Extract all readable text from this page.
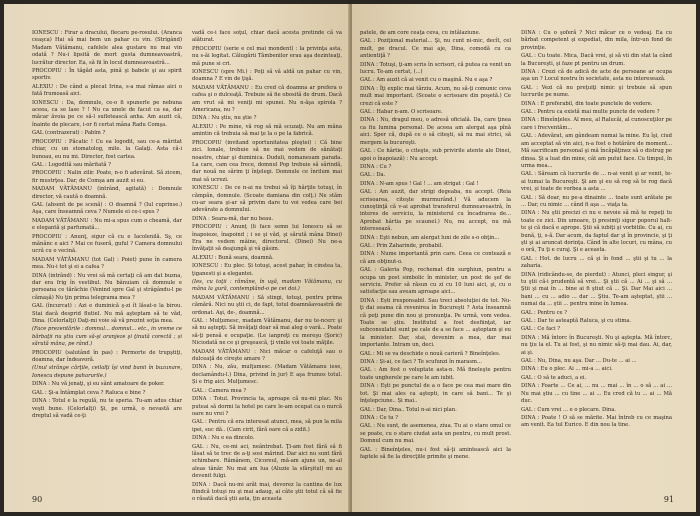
IONESCU : Firar a dracului, flecaru pe-rosului. (Aranca ceaşca) Hai să mai bem un pahar cu vin. (Strigând) Madam Vătămanu, cafelele alea gustare nu mai vin odată ? Nu-i lipsită de mort gusta dumneavoastră, lucrătur director. Ea, să fii în locul dumneavoastră...

PROCOPIU : În tăgăd asta, pină şi babele şi au spirit sportiv.

ALEXIU : De când a plecat Irina, s-a mai rămas aici o fată frumoasă aici.

IONESCU : Da, domnule, ce-o fi spunerle pe nebuna aceea, ca se lase ? ! Nu ca unele de facut ca ea, dar măcar ăvoia pe ce să-l sufletească anha. Am auzit că, înainte de plecare, i-or fi certat mâna Radu Comşa.

GAL (contrazerat) : Pablm ?

PROCOPIU : Păcatic ! Cu ea logodit, sau ce-a măritat chiar, cu un stomatolog, mile. la Galaţi. Asta că-i bunoau, eu nu mi. Directer, fost cartea.

GAL : Logodită sau măritată ?

PROCOPIU : Nalin zilir. Poate, n-o fi adevărat. Să zicem, fir mustrţea. Dar, de Comşa am auzit si eu.

MADAM VĂTĂMANU (intrând, agitată) : Domnule director, vă caută o doamnă.

GAL (absent de pe scenă) : O doamnă ? (Iul cuprinse.) Aşa, care înseamnă ceva ? Numele ei ce-i spus ?

MADAM VĂTĂMANU : Nu mi-a spus cum o cheamă, dar e elegantă şi parfumată...

PROCOPIU : Anunţ, sigur că cu e Iacolenilă. Sş, ce mănânc e aici ? Mai ce fuseră, guful ? Camera domnului ucră cu o vecină.

MADAM VĂTĂMANU (tot Gal) : Poiet) pune în camera mea. Nu-i tot şi ei a cafea ?

DINA (intrând) : Nu vrei să mă certaţi că am dat buzna, dar era frig în vestibul. Nu bănuiam că domnule e persoana ce tărăchie (Venind spre Gal şi strâgându-l pe cămaşă) Nu ţin prima telegrama mea ?

GAL (încurcat) : Azi e duminică ş-zi ît lăsat-o la birou. Stai dacă desprid flutiel. Nu mă aşteptam să te văd, Dina. (Celorlalţi) Daţi-mi voie să vă prezint soţia mea.

(Face prezentările : domnul... domnul... etc., in vreme ce bărbaţii nu ştiu cum să-şi aranjeze şi ţinută corectă ; și sărută mâna, pe rând.)

PROCOPIU (salutând în pas) : Permorte de trupştiţi, doamna, dar îndeavoră.

(Unul strânge cărţile, ceilalţi îşi vind banii în buzunare, Ionescu depune paharurile.)

DINA : Nu vă jenaţi, şi eu sânt amatoare de poker.

GAL : Şi-a întâmplat ceva ? Raluca e bine ?

DINA : Totul e la regulă, nu te speria. Tu-am adus chiar veşti bune. (Celorlalţi) Şi, pe urmă, o nevastă are dreptul să vadă ce-ţi

vadă ce-i face soţul, chiar dacă acesta pretinde că va alăturat.

PROCOPIU (serie e cel mai mondent) : la privinţa asta, nu s-ăi legitat. Câlugării Tâmbenilor erau aşa dezinteaţi, mă pune si cri.

IONESCU (spre Mi.) : Poţi să vă aldă un pahar cu vin, doamna ? E vin de ţişă.

MADAM VĂTĂMANU : Eu cred că doamna ar prefera o cafea şi o dulceaţă. Trebuie să fie obosită de drum. Dacă am vrut să mi veniţi mi spunei. Nu n-ăşa spirola ? Americana, nu ?

DINA : Nu ştiu, nu ştie ?

ALEXIU : Pe mine, vă rog să mă scuzaţi. Nu am mâna amintin că trebuia să mai ţe la o pe la fabrică.

PROCOPIU (invitand oportunitatea ploştei) : Că bine zici. Ionale, trebuie să ne mai vedem de sănătaţi noastre, chiar şi duminica. Duduli, nomanesam parada. La care, cam cea frece, domnul Pop trebuie să sărindă, dar nouă ne sărim ţi înţelegi. Domnule ce înrilum mai mai să ucrezi.

IONESCU : De ce n-ai nu trebui să îţi hărţile totuşi, în cămpăn, domnule. (Scoate damiana din colţ.) Ne stăm cu-ar seara şi-ar să privim dare tu voi vedea care bei adevărate a domnului.

DINA : Seara-mă, dar nu beau.

PROCOPIU : Anunţ (li face semn lui Ionescu să se înapoieze, înapoind ; i se şi văd, şi sărută mâna Dinei) Era ne vedem mâine, directorul. (Dinei) Nu ne-a învăţaţii să deajungă şi vă găsim.

ALEXIU : Bună seara, doamnă.

IONESCU : Eu plec. Și totuşi, acest pahar, în cinstea ta, ţiganesti şi a elegantei.

(Ies, cu toţii : rămâne, în uşă, madam Vătămanu, cu mâna la gură, contemplând-o pe cei doi.)

MADAM VĂTĂMANU : Să stingi, totuşi, pentru prima cămără. Nici nu ştii ci, de fapt, totul doamnăavoastră de ordonat. Aşi, de-, doamnă...

GAL : Mulţumesc, madam Vătămanu, dar nu te-ncerc şi să nu aştepţi. Să invăţaţi doar să mai aleg o vară... Poate să-ţi pensă e ocupaţie. (Le ianpreţi cu mereşu (Şoric) Niciodată ne ce şi greşească, ţi vinile voi toate măţile.

MADAM VĂTĂMANU : Nici măcar o cafeluţă sau o dulceaţă de cireşte amare ?

DINA : Nu, zău, mulţumesc. (Madam Vătămanu iese, declamându-l.) Dina, privind în jur) E aşa frumos totul. Și e frig aici. Mulţumesc.

GAL : Camera mea ?

DINA : Totul. Provincia ta, aproape că nu-mi plac. Nu puteai să dormi la hotel pe care le-am ocupat ca o nurcă oare nu vrei ?

GAL : Pentru că era interesat atunci, mea, să pun la mila ipei, suc dă.. (Cam cirit, fără oare că a zidit.)

DINA : Nu e ea dincolo.

GAL : Nu, ce-mi aci, neântrebat. Ţi-am fost fără să fi lăsat să te trec de a-ţi sosi mărind. Dar aici nu sunt fără schimbare. Rămânem, Cicoreul, mă-am ajuns un, ne-al aleas tânăr. Nu mai am lua (Aluzie la sfârşitul) mi au devenit fulgi.

DINA : Dacă nu-mi arăt mai, devorez la cantina de lux fiindcă totuşi nu şi mai adaug, ai câte ştii totul că să fie o răsată dacă ştii asta, ţin aceasta

90

patele, de am core ceaţa ceva, cu intâlaziune.

GAL : Poziţional material... Şi, nu cunt ni-mic, decît, cel mult, pe dracul. Ce mai aje, Dina, comodă cu ca antientiţă ?

DINA : Totuşi, ţi-am scris în scrisori, că putea ca venit un lucru. Te-am certat, (...)

GAL : Am auzit că ai venit cu o maşină. Nu e aşa ?

DINA : Îţi explic mai târziu. Acum, nu să-ţi comunic ceva mult mai important. (Scoate o scrisoare din poşetă.) Ce crezi că este ?

GAL : Habar n-am. O scrisoare.

DINA : Nu, dragul meu, o adresă oficială. Da, care ţinea ca fiu lumina personal. De aceea am alergat aşa pînă aici. Sper că, după ce o să citeşti, să nu mai strici, să mergem la bucureşti.

GAL : Ce hârtie, o citeşte, sub privirile atente ale Dinei, apoi o înapoiază) : Nu accept.

DINA : Cu ?

GAL : Da.

DINA : N-am spus ! Gal ! ... am strigat : Gal !

GAL : Am auzit, dar strigi degeaba, nu accept. (Reia scrisoarea, citeşte murmurând.) Vă aducem la cunoştinţă că v-ai aprobat transferul dumneavoastră, în interes de serviciu, la ministerul cu încadrarea de... Aprobat hârtia pe scaunel.) Nu, nu accept, nu mă interesează.

DINA : Eşti nebun, am alergat luni de zile s-o obţin...

GAL : Prin Zaharinde, probabil.

DINA : Nume importantă prin care. Ceea ce contează e că am obţinut-o.

GAL : Galeria Pop, rechemat din surghiun, pentru a ocupa un post simbolic în minister, un post de şef de serviciu. Prefer să răsun cu zi cu 10 luni aici, şi, cu o satisfacţie sau aveam aproape aici...

DINA : Ești iresponsabil. Sau treci absoluţiei de tot. Nu-ţi dai seama că revenirea în Bucureşti ? Asta înseamnă că poţi pune din nou şi pronunţia. Pe urmă, vom vedea. Toate se ştiu. Institutul a fost desfiinţat, iar subconsulatul sunt pe cale de a se face ... aşteptam şi eu la minister. Dar, stai, devenim a mea, dar mai importante. Intram un, deci.

GAL : Mi se va deschide o nouă carieră ? Bineînţeles.

DINA : Și-ai, ce faci ? Te scufunzi în marasm...

GAL : Am fost o voluptate asta-n. Mă fineleşte pentru toate ungherele pe care le am iubit.

DINA : Eşti pe punctul de a o face pe cea mai mare din tot. Şi mai ales ca aştepti, in care să bani... Te şi înţelepciune.. Și mai..

GAL : Dar, Dina.. Totul n-ai nici plan.

DINA : Ce tu ?

GAL : Nu sunt, de asemenea, ziua. Tu ai o stare omul ce se poate, cu o stare ciudat asta un pentru, cu mult prost. Domnul cum nu mai.

GAL : Bineînţeles, nu-i fost să-ţi amintească aici la faptele să fie la direcţiile primite şi mene.

DINA : Cu o şoferă ? Nici măcar ce o vedeaj. Ea cu bărbat competent şi expediat, din mila, într-un fond de provinţie.

GAL : Cu toate. Mica, Dacă vrei, şi să vii din stat la când la Bucureşti, şi faze pt pentru un drum.

DINA : Crezi că de adică de acte de persoane ar ocupa aşa un ? Locul nostru în societate, asta nu interesează.

GAL : Vezi că nu preţuiţi nimic şi trebuie să spun lucrurile pe nume.

DINA : E preferabil, din toate punctele de vedere.

GAL : Pentru ca există mai multe puncte de vedere ?

DINA : Bineînţeles. Al meu, al Ralucăi, al cunoscuţilor pe care i frecventăm...

GAL : Adevărat, am gândeam numai la mine. Eu îşi, ciud am acceptat să vin aici, n-a fost o hotărâre de moment... Mă sacrificam personal şi mă încăpăţinez să o distrug pe dinsa. Şi a luat din mine, cât am putut face. Cu timpul, în urma mea...

GAL : Săream că lucrurile de ... n-ai venit şi ar venit, te-ai tumai la Bucureşti. Şi am şi eu să rog să te rog dacă vrei, şi toate de vorbea a asta ...

GAL : Să doar, nu pe-a dinainte ... toate sunt arătate pe ... Dar, cu nimic ... când fi aşa ... viaţa ta.

DINA : Nu ştii precizi ci nu e nevoie să mă te repeţi tu toate ce zici. Din umoare, ţi presimţi sigur poporul halt-te şi că dacă e aprope. Ştii să iubiţi şi vorbitile. Cu ai, cu bună, ţi, s-ă. Dar acum, da faptul dar şi în provincie, şi ţi şti şi ai aruncat dorinţa. Când în alte locuri, cu mâna, cu o oră, Tu ţi e curaj. Şi e aceasta.

GAL : Hot. de lucru ... că şi în fond ... ştii şi tu ... la zaharia.

DINA (ridicându-se, de pierdut) : Atunci, pleci singur, şi tu ştii că-i prudentă să vrei... Şi ştii că ... Ai ... şi să ... Ştii şi mai în ... bine ai fi ştiut că ... Şi. Dar Mai aici ... bani ... cu ... adio ... dar ... Ştiu. Te-am aşteptat, ştii ... numai da ... ştii ... pentru mine în lumea.

GAL : Pentru ce ?

GAL : Dar te asteaptă Raluca, şi cu stima.

GAL : Ce faci ?

DINA : Mă întorc în Bucureşti. Nu şi aştepta. Mă întorc, nu ţiu la el. Tu ai fost, şi nu nimic să-ţi mai dau. Ai, dar, ai şi.

GAL : Nu, Dina, nu aşa. Dar ... Du-te ... ai ...

DINA : Eu o plec. Ai ... mi-a ... aici.

GAL : O să te aduci, a ei.

DINA : Foarte ... Ce ai, ... nu ... mai ... în ... o să ... ai ... Nu mai ştiu ... cu tine ... ai ... Eu cred că tu ... ai ... Mă duc.

GAL : Cum vrei ... e o plecare. Dina.

DINA : Poate ! O să se mărite. Mai întreb cu ce maşina am venit. Ea tul Eurico. E din nou la tine.

91
